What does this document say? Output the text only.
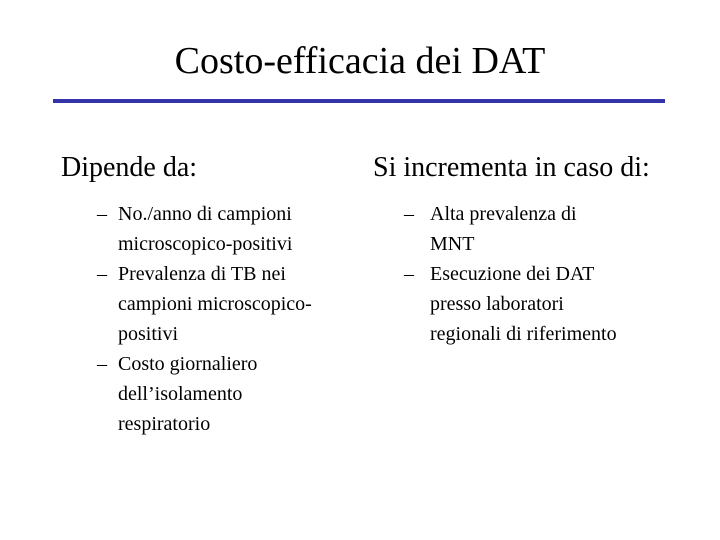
Costo-efficacia dei DAT
Dipende da:
– No./anno di campioni
microscopico-positivi
– Prevalenza di TB nei
campioni microscopico-
positivi
– Costo giornaliero
dell’isolamento
respiratorio
Si incrementa in caso di:
– Alta prevalenza di
MNT
– Esecuzione dei DAT
presso laboratori
regionali di riferimento
